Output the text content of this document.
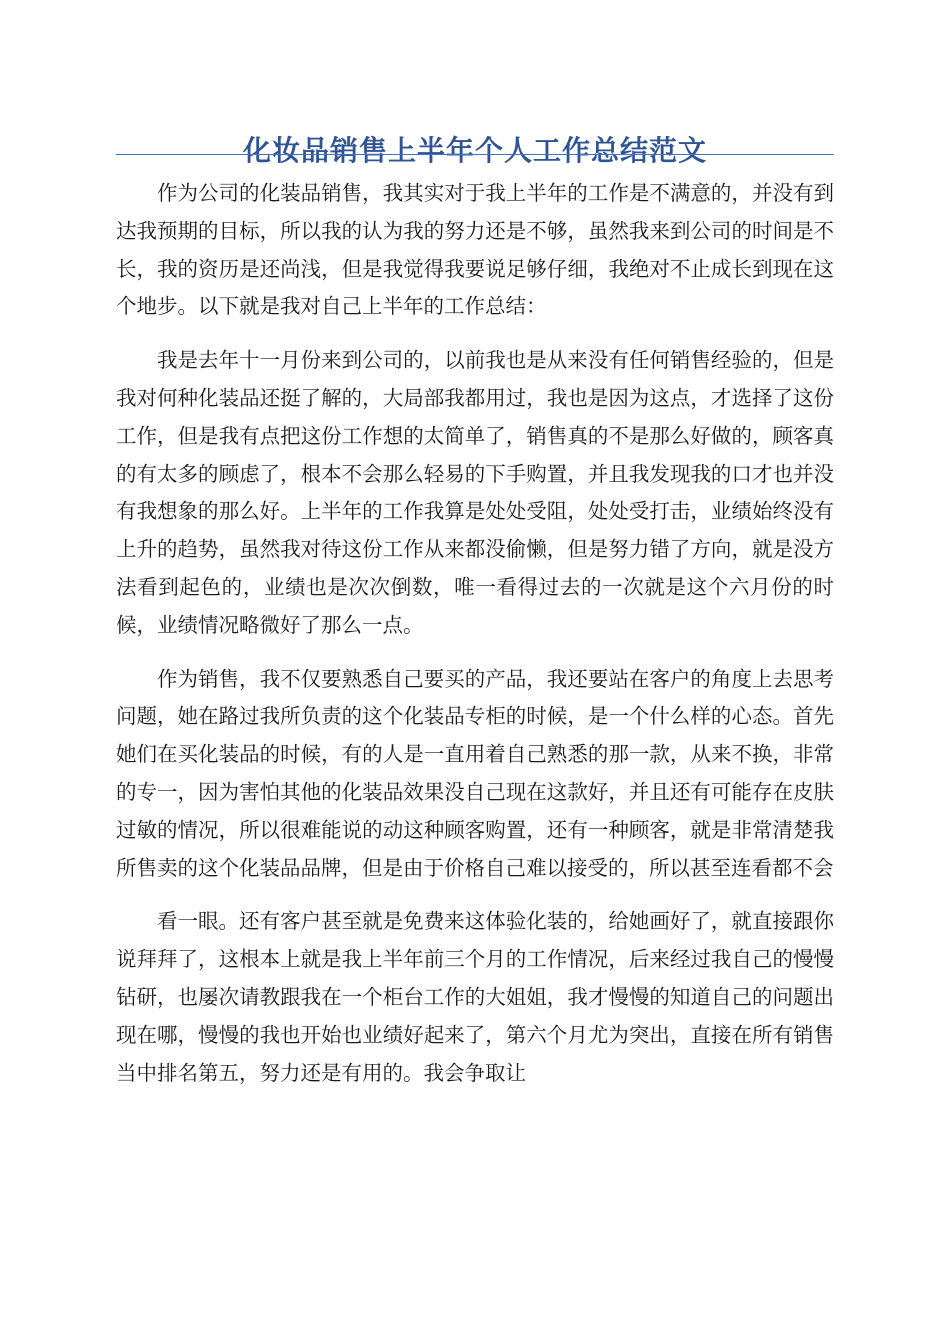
化妆品销售上半年个人工作总结范文

作为公司的化装品销售，我其实对于我上半年的工作是不满意的，并没有到达我预期的目标，所以我的认为我的努力还是不够，虽然我来到公司的时间是不长，我的资历是还尚浅，但是我觉得我要说足够仔细，我绝对不止成长到现在这个地步。以下就是我对自己上半年的工作总结：

我是去年十一月份来到公司的，以前我也是从来没有任何销售经验的，但是我对何种化装品还挺了解的，大局部我都用过，我也是因为这点，才选择了这份工作，但是我有点把这份工作想的太简单了，销售真的不是那么好做的，顾客真的有太多的顾虑了，根本不会那么轻易的下手购置，并且我发现我的口才也并没有我想象的那么好。上半年的工作我算是处处受阻，处处受打击，业绩始终没有上升的趋势，虽然我对待这份工作从来都没偷懒，但是努力错了方向，就是没方法看到起色的，业绩也是次次倒数，唯一看得过去的一次就是这个六月份的时候，业绩情况略微好了那么一点。

作为销售，我不仅要熟悉自己要买的产品，我还要站在客户的角度上去思考问题，她在路过我所负责的这个化装品专柜的时候，是一个什么样的心态。首先她们在买化装品的时候，有的人是一直用着自己熟悉的那一款，从来不换，非常的专一，因为害怕其他的化装品效果没自己现在这款好，并且还有可能存在皮肤过敏的情况，所以很难能说的动这种顾客购置，还有一种顾客，就是非常清楚我所售卖的这个化装品品牌，但是由于价格自己难以接受的，所以甚至连看都不会

看一眼。还有客户甚至就是免费来这体验化装的，给她画好了，就直接跟你说拜拜了，这根本上就是我上半年前三个月的工作情况，后来经过我自己的慢慢钻研，也屡次请教跟我在一个柜台工作的大姐姐，我才慢慢的知道自己的问题出现在哪，慢慢的我也开始也业绩好起来了，第六个月尤为突出，直接在所有销售当中排名第五，努力还是有用的。我会争取让
